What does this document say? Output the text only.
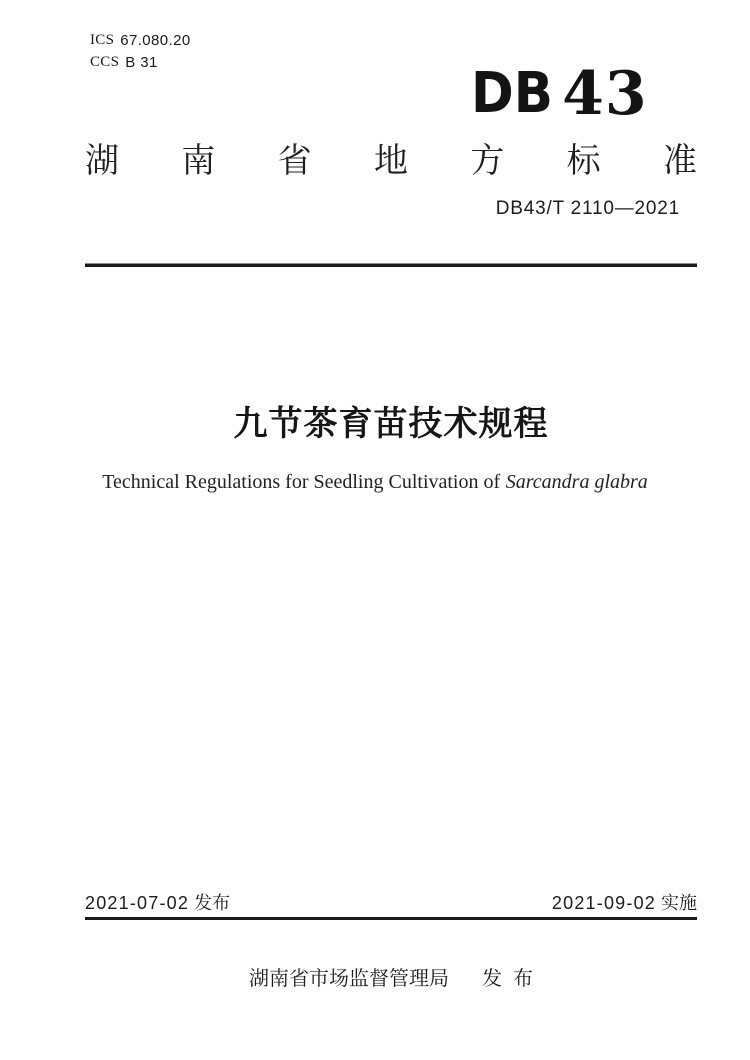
ICS 67.080.20
CCS B 31	DB 43
湖 南 省 地 方 标 准
DB43/T 2110—2021
九节茶育苗技术规程
Technical Regulations for Seedling Cultivation of Sarcandra glabra
2021-07-02 发布	2021-09-02 实施
湖南省市场监督管理局 发布
